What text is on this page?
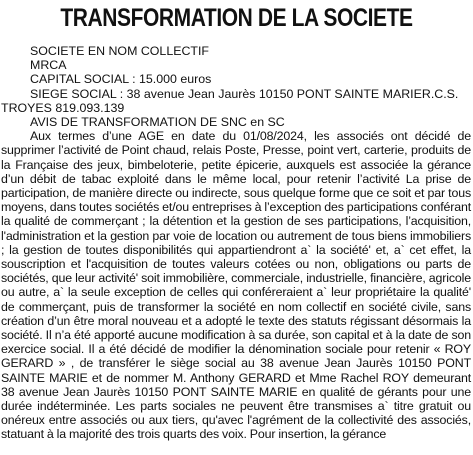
TRANSFORMATION DE LA SOCIETE
SOCIETE EN NOM COLLECTIF
MRCA
CAPITAL SOCIAL : 15.000 euros
SIEGE SOCIAL : 38 avenue Jean Jaurès 10150 PONT SAINTE MARIER.C.S.
TROYES 819.093.139
AVIS DE TRANSFORMATION DE SNC en SC
Aux termes d’une AGE en date du 01/08/2024, les associés ont décidé de supprimer l’activité de Point chaud, relais Poste, Presse, point vert, carterie, produits de la Française des jeux, bimbeloterie, petite épicerie, auxquels est associée la gérance d’un débit de tabac exploité dans le même local, pour retenir l’activité La prise de participation, de manière directe ou indirecte, sous quelque forme que ce soit et par tous moyens, dans toutes sociétés et/ou entreprises à l’exception des participations conférant la qualité de commerçant ; la détention et la gestion de ses participations, l’acquisition, l'administration et la gestion par voie de location ou autrement de tous biens immobiliers ; la gestion de toutes disponibilités qui appartiendront a` la société' et, a` cet effet, la souscription et l'acquisition de toutes valeurs cotées ou non, obligations ou parts de sociétés, que leur activité' soit immobilière, commerciale, industrielle, financière, agricole ou autre, a` la seule exception de celles qui conféreraient a` leur propriétaire la qualité' de commerçant, puis de transformer la société en nom collectif en société civile, sans création d’un être moral nouveau et a adopté le texte des statuts régissant désormais la société. Il n’a été apporté aucune modification à sa durée, son capital et à la date de son exercice social. Il a été décidé de modifier la dénomination sociale pour retenir « ROY GERARD » , de transférer le siège social au 38 avenue Jean Jaurès 10150 PONT SAINTE MARIE et de nommer M. Anthony GERARD et Mme Rachel ROY demeurant 38 avenue Jean Jaurès 10150 PONT SAINTE MARIE en qualité de gérants pour une durée indéterminée. Les parts sociales ne peuvent être transmises a` titre gratuit ou onéreux entre associés ou aux tiers, qu'avec l'agrément de la collectivité des associés, statuant à la majorité des trois quarts des voix. Pour insertion, la gérance
